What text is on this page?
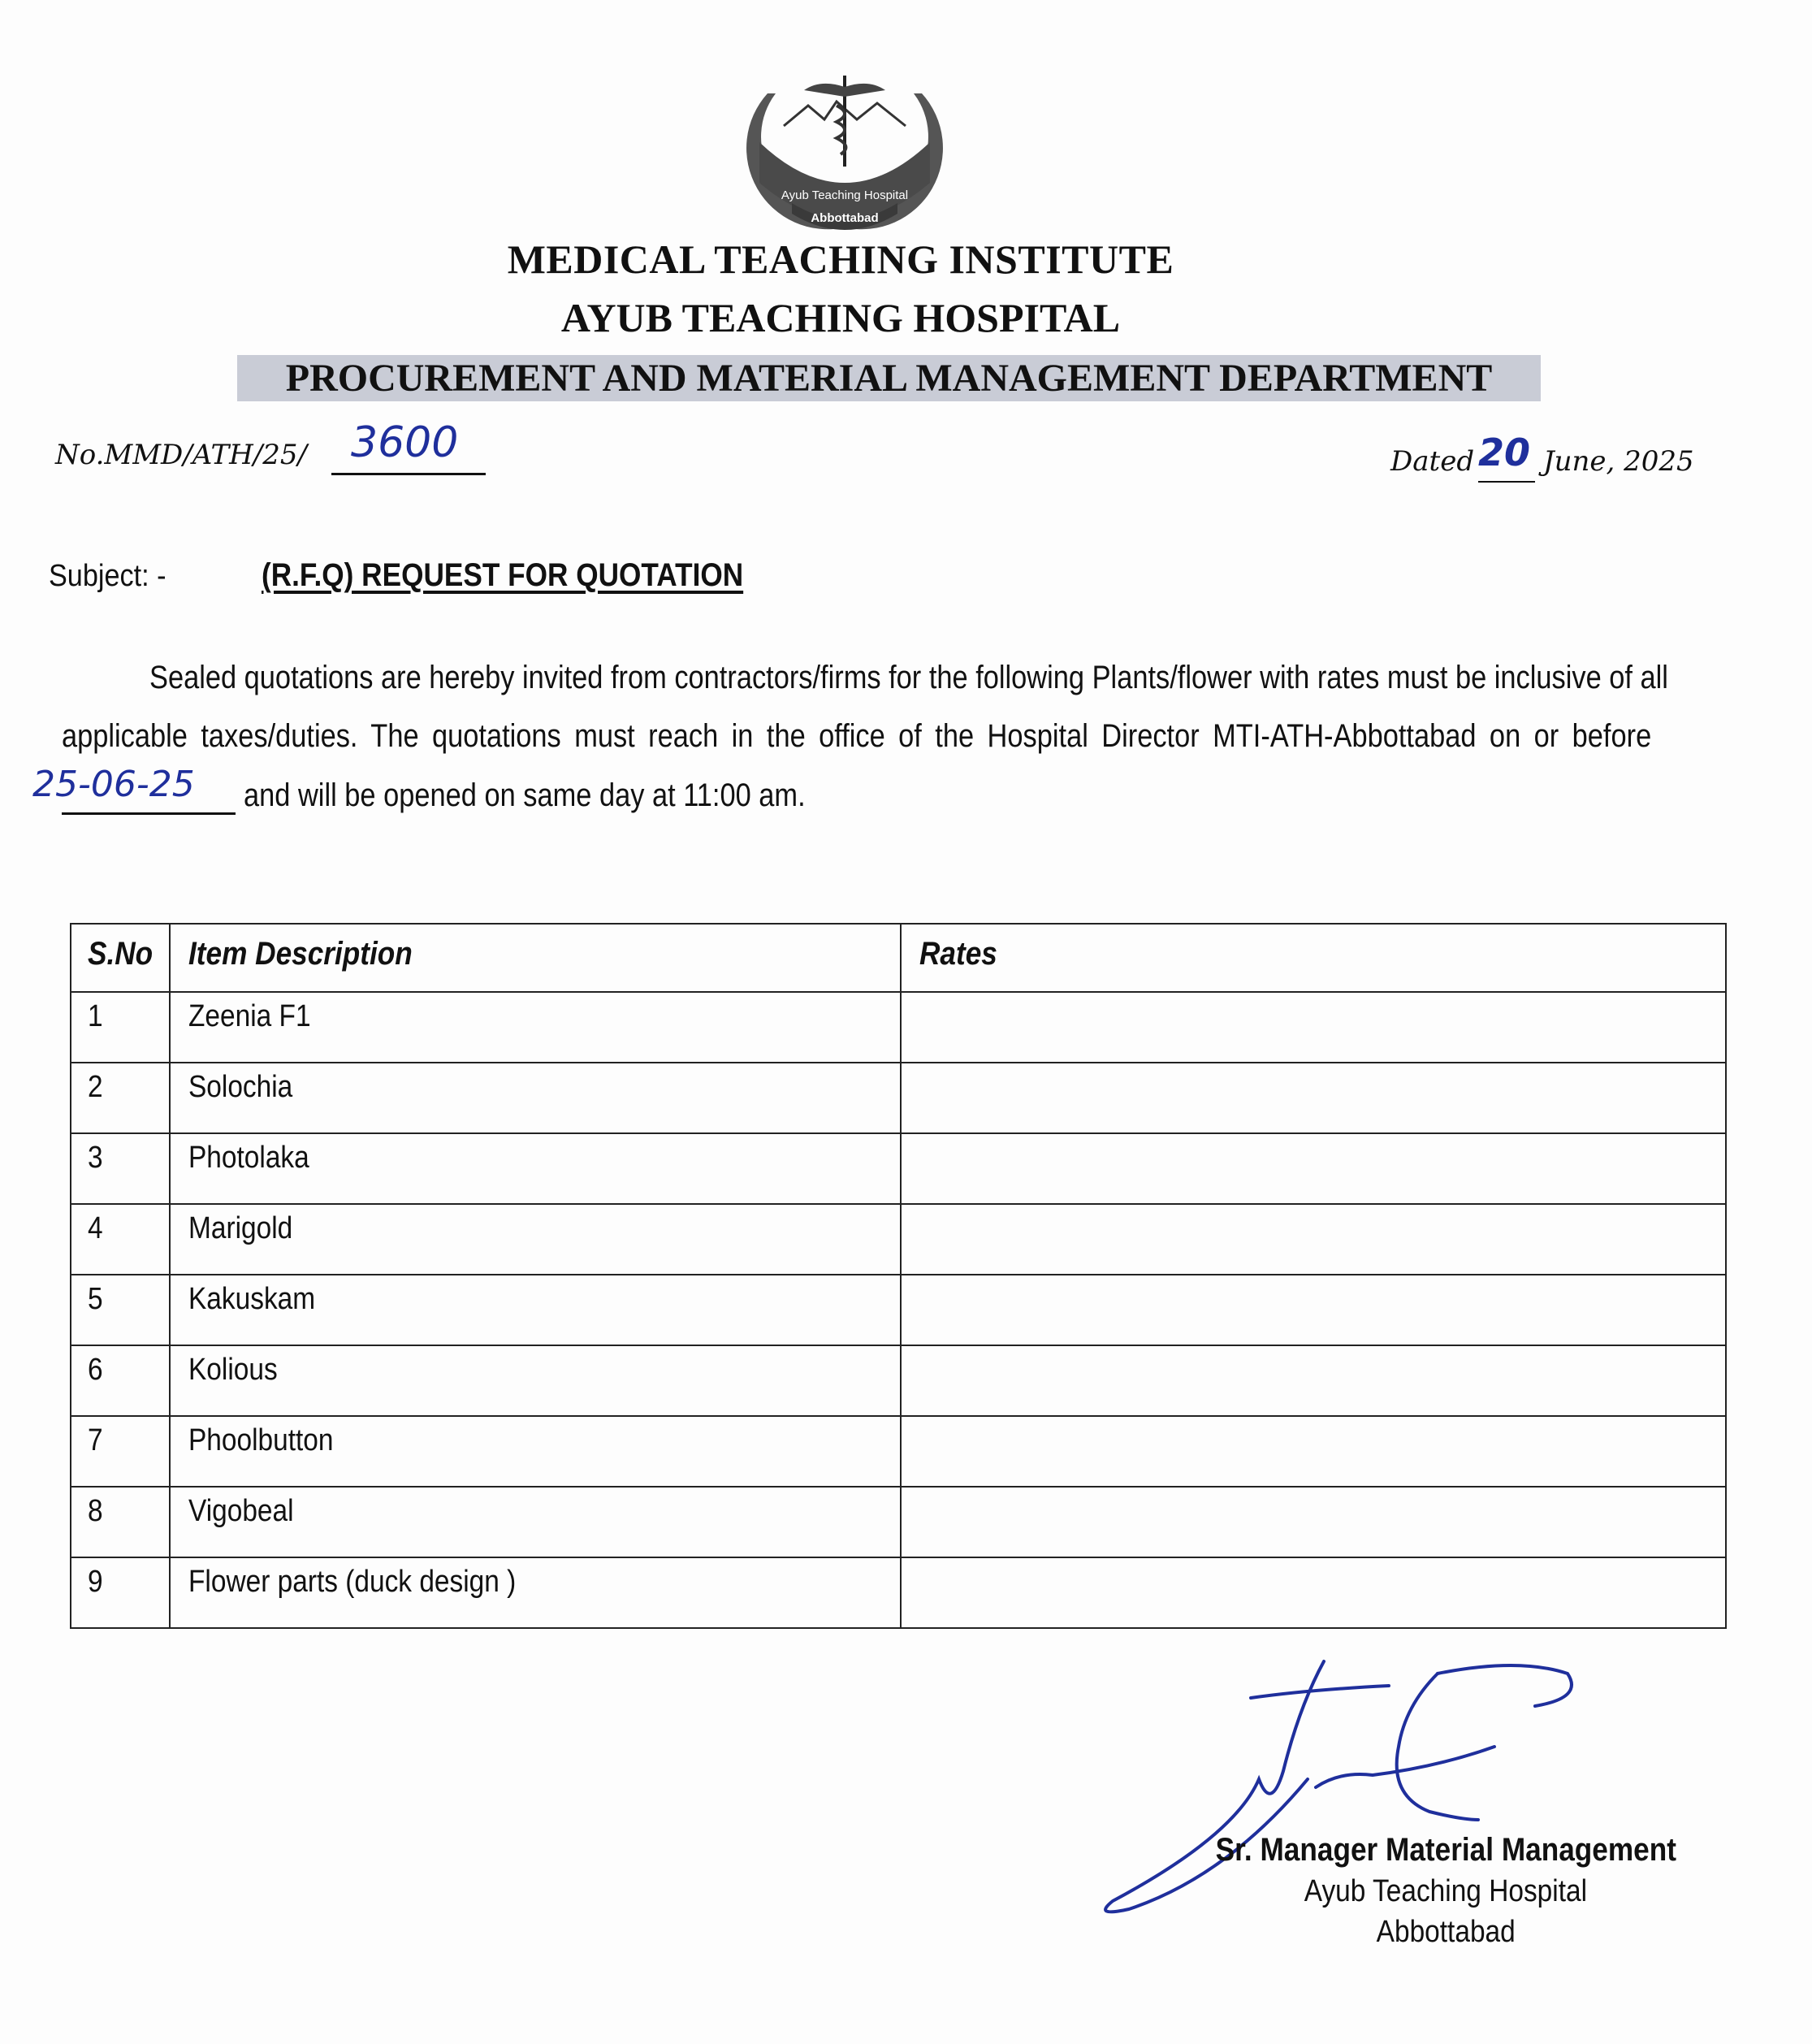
Ayub Teaching Hospital
Abbottabad
MEDICAL TEACHING INSTITUTE
AYUB TEACHING HOSPITAL
PROCUREMENT AND MATERIAL MANAGEMENT DEPARTMENT
No.MMD/ATH/25/ 3600	Dated 20 June, 2025
Subject: -	(R.F.Q) REQUEST FOR QUOTATION
Sealed quotations are hereby invited from contractors/firms for the following Plants/flower with rates must be inclusive of all
applicable taxes/duties. The quotations must reach in the office of the Hospital Director MTI-ATH-Abbottabad on or before
25-06-25 and will be opened on same day at 11:00 am.
S.No	Item Description	Rates
1	Zeenia F1	
2	Solochia	
3	Photolaka	
4	Marigold	
5	Kakuskam	
6	Kolious	
7	Phoolbutton	
8	Vigobeal	
9	Flower parts (duck design )	
Sr. Manager Material Management
Ayub Teaching Hospital
Abbottabad
